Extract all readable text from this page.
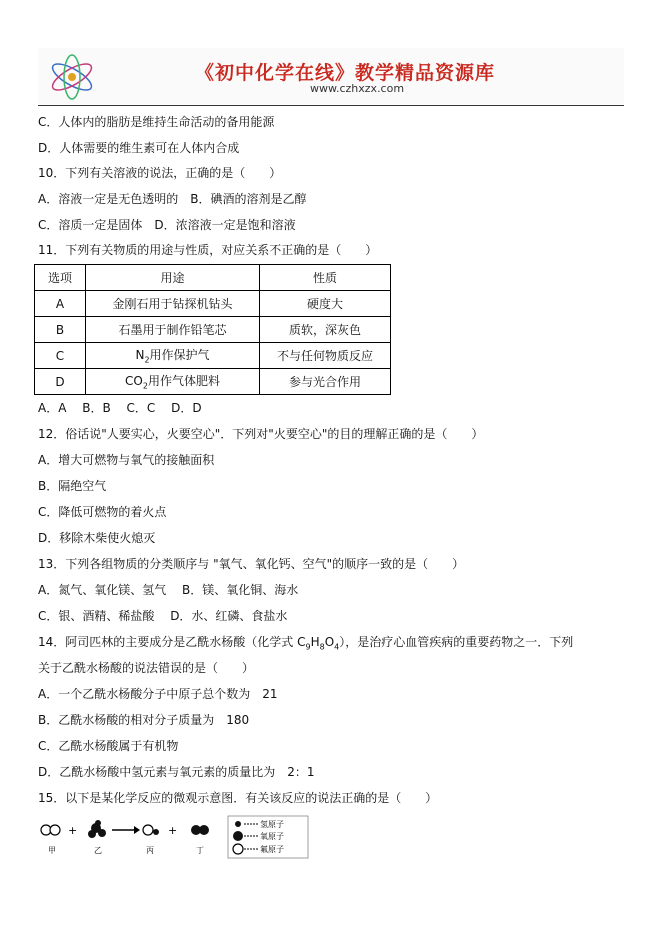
《初中化学在线》教学精品资源库
www.czhxzx.com
C．人体内的脂肪是维持生命活动的备用能源
D．人体需要的维生素可在人体内合成
10．下列有关溶液的说法，正确的是（　　）
A．溶液一定是无色透明的　B．碘酒的溶剂是乙醇
C．溶质一定是固体　D．浓溶液一定是饱和溶液
11．下列有关物质的用途与性质，对应关系不正确的是（　　）
选项	用途	性质
A	金刚石用于钻探机钻头	硬度大
B	石墨用于制作铅笔芯	质软，深灰色
C	$N_2$用作保护气	不与任何物质反应
D	$CO_2$用作气体肥料	参与光合作用
A．A　 B．B　 C．C　 D．D
12．俗话说"人要实心，火要空心"．下列对"火要空心"的目的理解正确的是（　　）
A．增大可燃物与氧气的接触面积
B．隔绝空气
C．降低可燃物的着火点
D．移除木柴使火熄灭
13．下列各组物质的分类顺序与 "氧气、氧化钙、空气"的顺序一致的是（　　）
A．氮气、氧化镁、氢气　 B．镁、氧化铜、海水
C．银、酒精、稀盐酸　 D．水、红磷、食盐水
14．阿司匹林的主要成分是乙酰水杨酸（化学式 $C_9H_8O_4$），是治疗心血管疾病的重要药物之一．下列
关于乙酰水杨酸的说法错误的是（　　）
A．一个乙酰水杨酸分子中原子总个数为　21
B．乙酰水杨酸的相对分子质量为　180
C．乙酰水杨酸属于有机物
D．乙酰水杨酸中氢元素与氧元素的质量比为　2：1
15．以下是某化学反应的微观示意图．有关该反应的说法正确的是（　　）
+	+
甲	乙	丙	丁
氢原子
氧原子
氟原子
